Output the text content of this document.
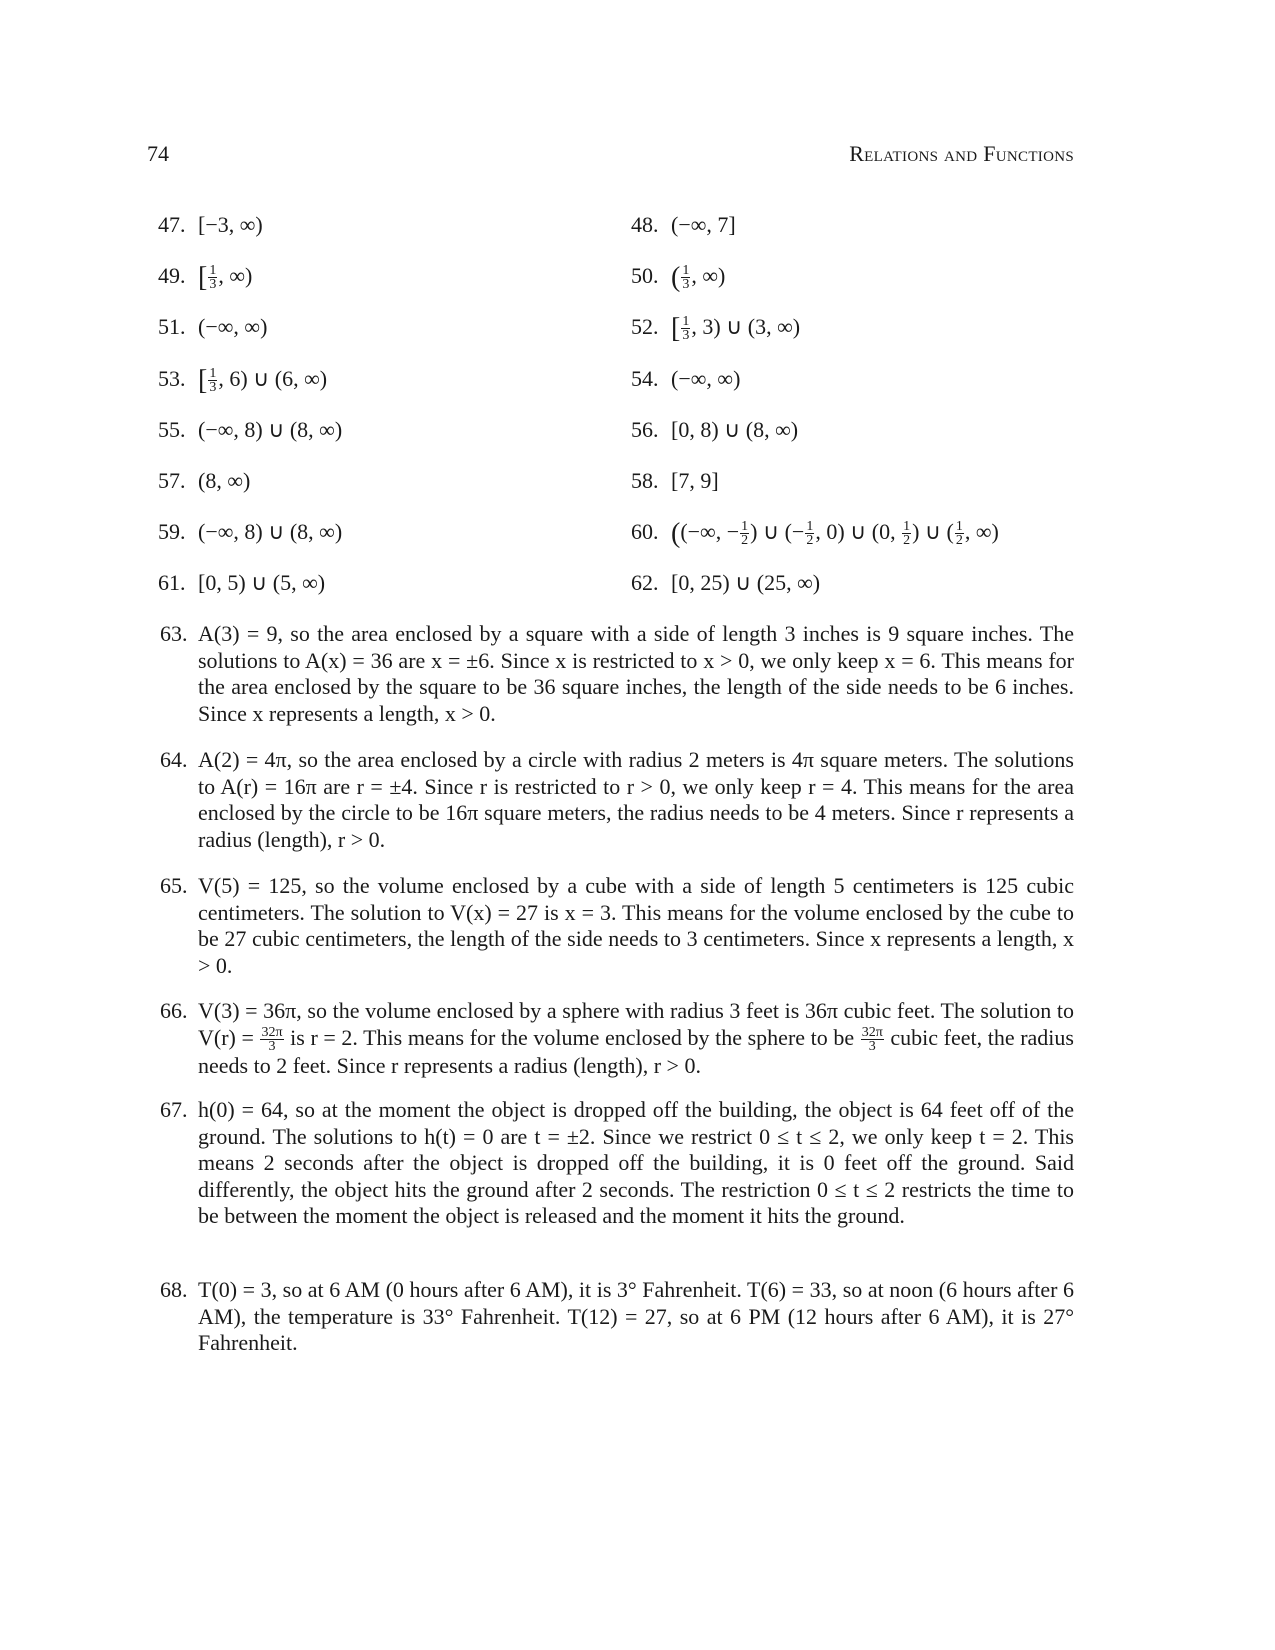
74	Relations and Functions
47. [−3, ∞)	48. (−∞, 7]
49. [ $\frac{1}{3}$ , ∞)	50. ( $\frac{1}{3}$ , ∞)
51. (−∞, ∞)	52. [ $\frac{1}{3}$ , 3) ∪ (3, ∞)
53. [ $\frac{1}{3}$ , 6) ∪ (6, ∞)	54. (−∞, ∞)
55. (−∞, 8) ∪ (8, ∞)	56. [0, 8) ∪ (8, ∞)
57. (8, ∞)	58. [7, 9]
59. (−∞, 8) ∪ (8, ∞)	60. ((−∞, − $\frac{1}{2}$ ) ∪ (− $\frac{1}{2}$ , 0) ∪ (0, $\frac{1}{2}$ ) ∪ ( $\frac{1}{2}$ , ∞)
61. [0, 5) ∪ (5, ∞)	62. [0, 25) ∪ (25, ∞)
63. A(3) = 9, so the area enclosed by a square with a side of length 3 inches is 9 square inches. The solutions to A(x) = 36 are x = ±6. Since x is restricted to x > 0, we only keep x = 6. This means for the area enclosed by the square to be 36 square inches, the length of the side needs to be 6 inches. Since x represents a length, x > 0.
64. A(2) = 4π, so the area enclosed by a circle with radius 2 meters is 4π square meters. The solutions to A(r) = 16π are r = ±4. Since r is restricted to r > 0, we only keep r = 4. This means for the area enclosed by the circle to be 16π square meters, the radius needs to be 4 meters. Since r represents a radius (length), r > 0.
65. V(5) = 125, so the volume enclosed by a cube with a side of length 5 centimeters is 125 cubic centimeters. The solution to V(x) = 27 is x = 3. This means for the volume enclosed by the cube to be 27 cubic centimeters, the length of the side needs to 3 centimeters. Since x represents a length, x > 0.
66. V(3) = 36π, so the volume enclosed by a sphere with radius 3 feet is 36π cubic feet. The solution to $V(r) = \frac{32\pi}{3}$ is r = 2. This means for the volume enclosed by the sphere to be $\frac{32\pi}{3}$ cubic feet, the radius needs to 2 feet. Since r represents a radius (length), r > 0.
67. h(0) = 64, so at the moment the object is dropped off the building, the object is 64 feet off of the ground. The solutions to h(t) = 0 are t = ±2. Since we restrict 0 ≤ t ≤ 2, we only keep t = 2. This means 2 seconds after the object is dropped off the building, it is 0 feet off the ground. Said differently, the object hits the ground after 2 seconds. The restriction 0 ≤ t ≤ 2 restricts the time to be between the moment the object is released and the moment it hits the ground.
68. T(0) = 3, so at 6 AM (0 hours after 6 AM), it is 3° Fahrenheit. T(6) = 33, so at noon (6 hours after 6 AM), the temperature is 33° Fahrenheit. T(12) = 27, so at 6 PM (12 hours after 6 AM), it is 27° Fahrenheit.
